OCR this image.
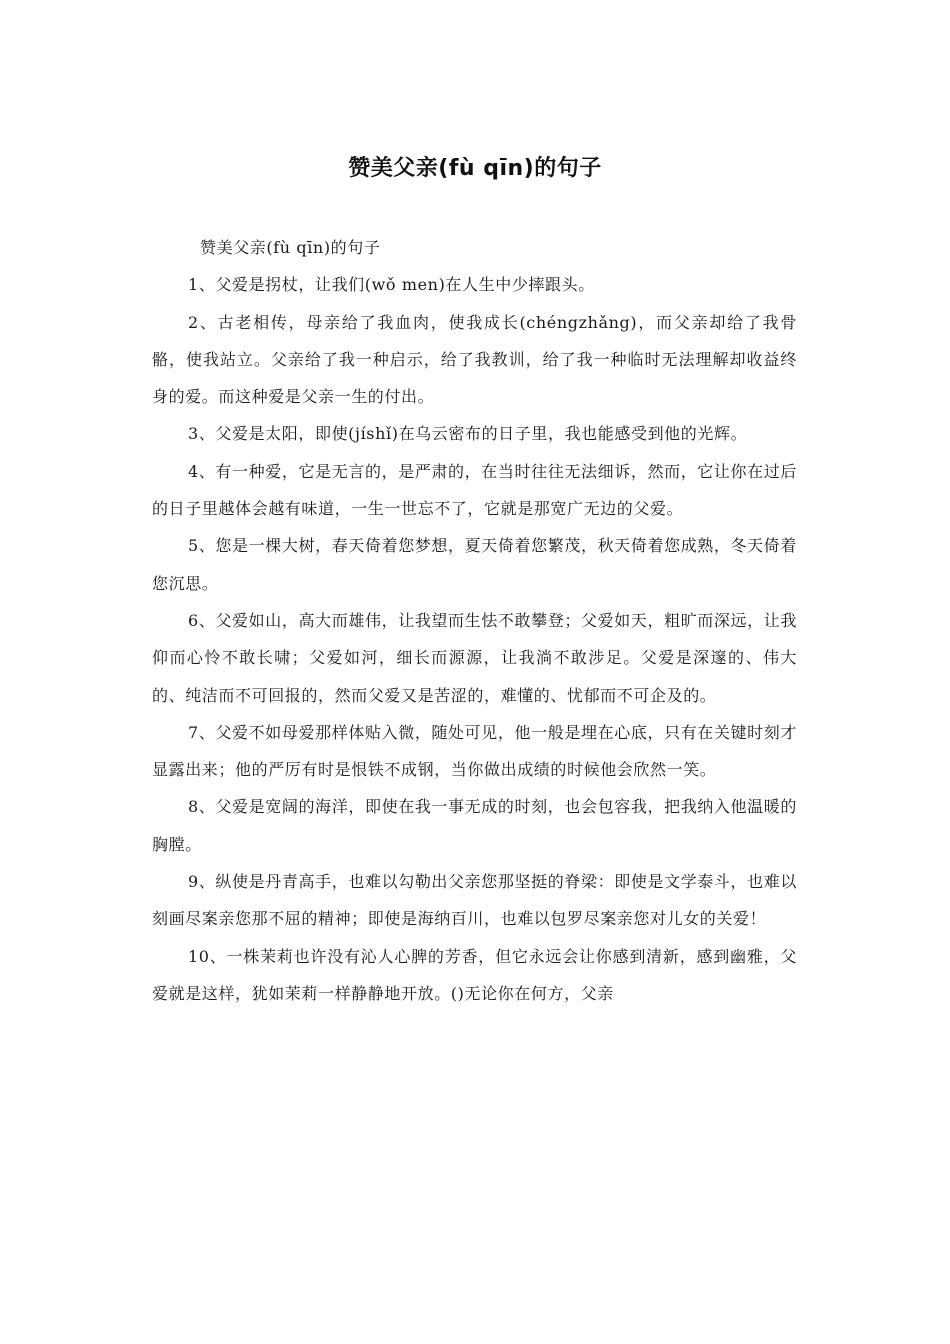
赞美父亲(fù qīn)的句子

赞美父亲(fù qīn)的句子

1、父爱是拐杖，让我们(wǒ men)在人生中少摔跟头。

2、古老相传，母亲给了我血肉，使我成长(chéngzhǎng)，而父亲却给了我骨骼，使我站立。父亲给了我一种启示，给了我教训，给了我一种临时无法理解却收益终身的爱。而这种爱是父亲一生的付出。

3、父爱是太阳，即使(jíshǐ)在乌云密布的日子里，我也能感受到他的光辉。

4、有一种爱，它是无言的，是严肃的，在当时往往无法细诉，然而，它让你在过后的日子里越体会越有味道，一生一世忘不了，它就是那宽广无边的父爱。

5、您是一棵大树，春天倚着您梦想，夏天倚着您繁茂，秋天倚着您成熟，冬天倚着您沉思。

6、父爱如山，高大而雄伟，让我望而生怯不敢攀登；父爱如天，粗旷而深远，让我仰而心怜不敢长啸；父爱如河，细长而源源，让我淌不敢涉足。父爱是深邃的、伟大的、纯洁而不可回报的，然而父爱又是苦涩的，难懂的、忧郁而不可企及的。

7、父爱不如母爱那样体贴入微，随处可见，他一般是埋在心底，只有在关键时刻才显露出来；他的严厉有时是恨铁不成钢，当你做出成绩的时候他会欣然一笑。

8、父爱是宽阔的海洋，即使在我一事无成的时刻，也会包容我，把我纳入他温暖的胸膛。

9、纵使是丹青高手，也难以勾勒出父亲您那坚挺的脊梁：即使是文学泰斗，也难以刻画尽案亲您那不屈的精神；即使是海纳百川，也难以包罗尽案亲您对儿女的关爱！

10、一株茉莉也许没有沁人心脾的芳香，但它永远会让你感到清新，感到幽雅，父爱就是这样，犹如茉莉一样静静地开放。()无论你在何方，父亲
